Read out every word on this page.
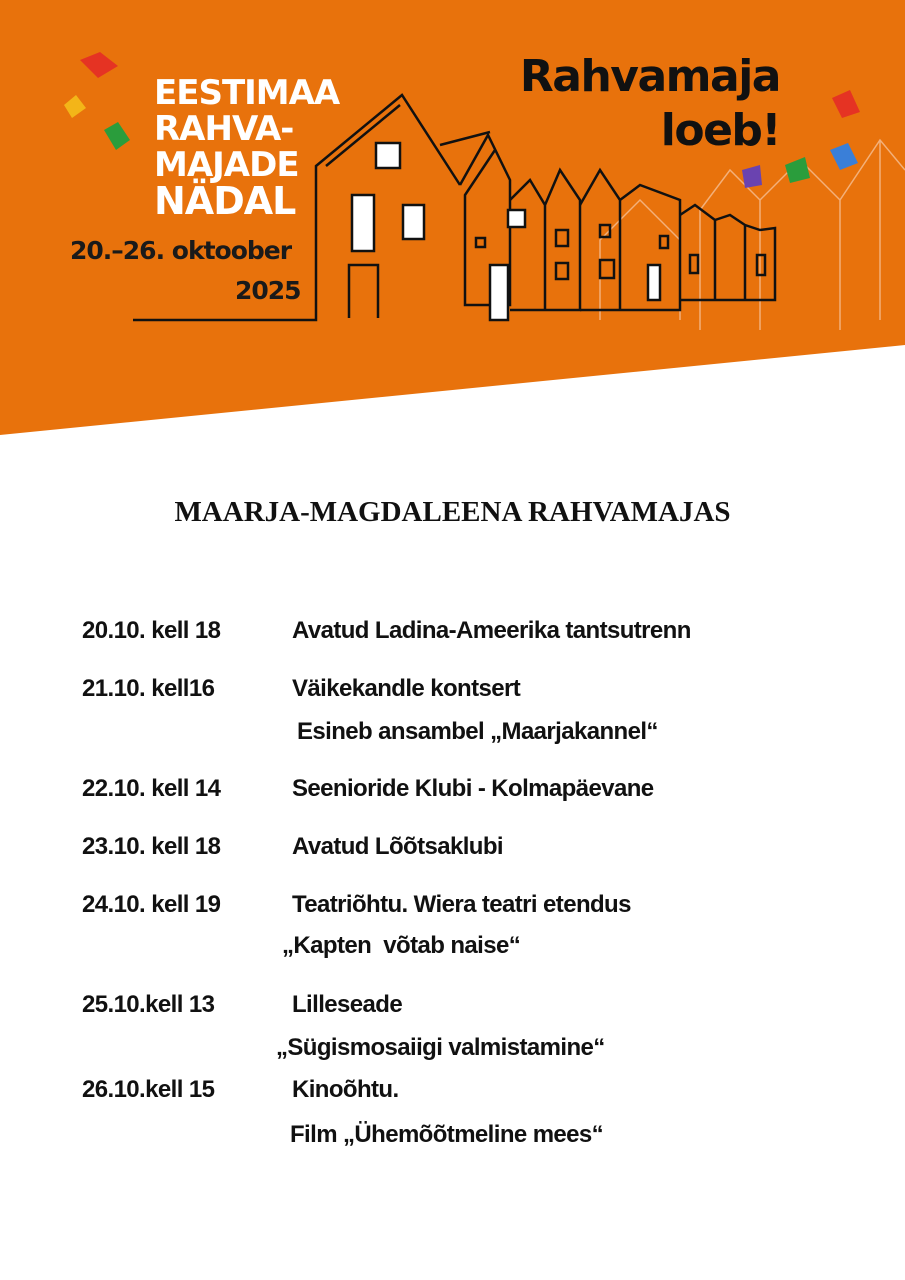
EESTIMAA
RAHVA-
MAJADE
NÄDAL
20.–26. oktoober
2025
Rahvamaja
loeb!
MAARJA-MAGDALEENA RAHVAMAJAS
20.10. kell 18	Avatud Ladina-Ameerika tantsutrenn
21.10. kell16	Väikekandle kontsert
Esineb ansambel „Maarjakannel“
22.10. kell 14	Seenioride Klubi - Kolmapäevane
23.10. kell 18	Avatud Lõõtsaklubi
24.10. kell 19	Teatriõhtu. Wiera teatri etendus
„Kapten  võtab naise“
25.10.kell 13	Lilleseade
„Sügismosaiigi valmistamine“
26.10.kell 15	Kinoõhtu.
Film „Ühemõõtmeline mees“
